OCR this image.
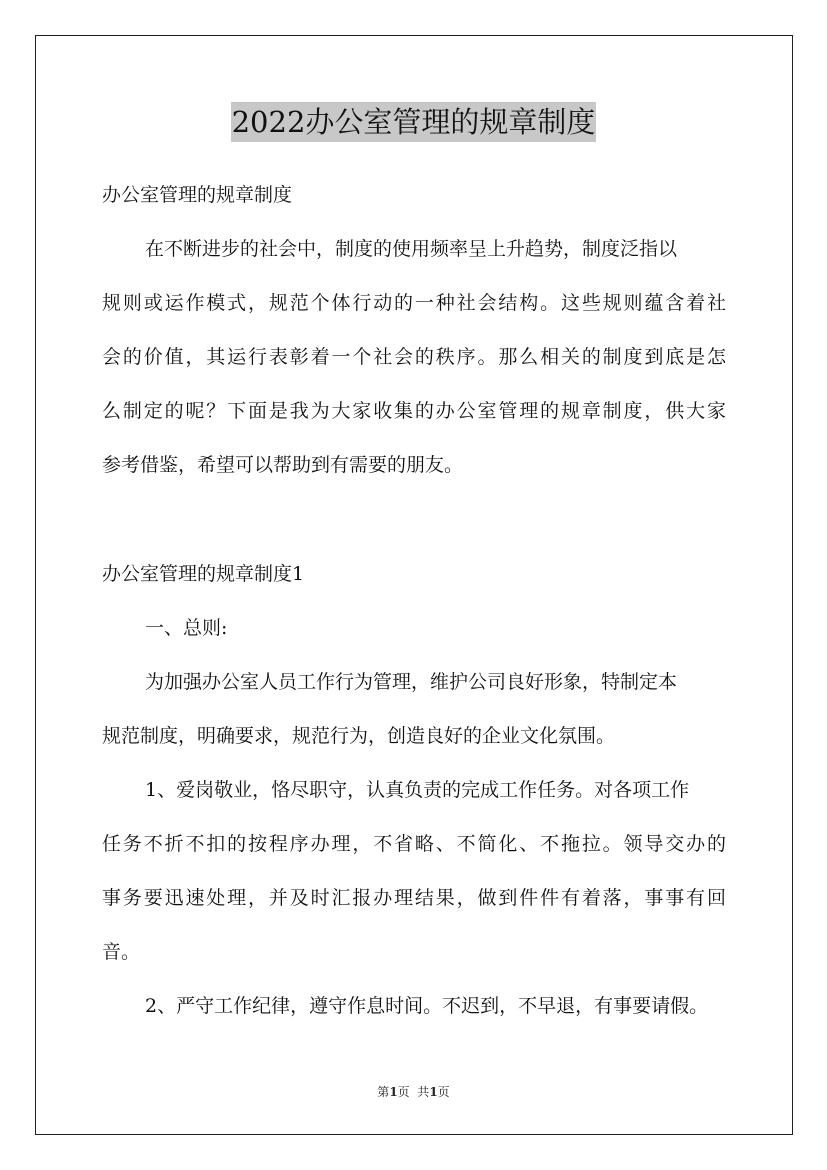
2022办公室管理的规章制度
办公室管理的规章制度
在不断进步的社会中，制度的使用频率呈上升趋势，制度泛指以
规则或运作模式，规范个体行动的一种社会结构。这些规则蕴含着社
会的价值，其运行表彰着一个社会的秩序。那么相关的制度到底是怎
么制定的呢？下面是我为大家收集的办公室管理的规章制度，供大家
参考借鉴，希望可以帮助到有需要的朋友。
办公室管理的规章制度1
一、总则:
为加强办公室人员工作行为管理，维护公司良好形象，特制定本
规范制度，明确要求，规范行为，创造良好的企业文化氛围。
1、爱岗敬业，恪尽职守，认真负责的完成工作任务。对各项工作
任务不折不扣的按程序办理，不省略、不简化、不拖拉。领导交办的
事务要迅速处理，并及时汇报办理结果，做到件件有着落，事事有回
音。
2、严守工作纪律，遵守作息时间。不迟到，不早退，有事要请假。
第1页  共1页
